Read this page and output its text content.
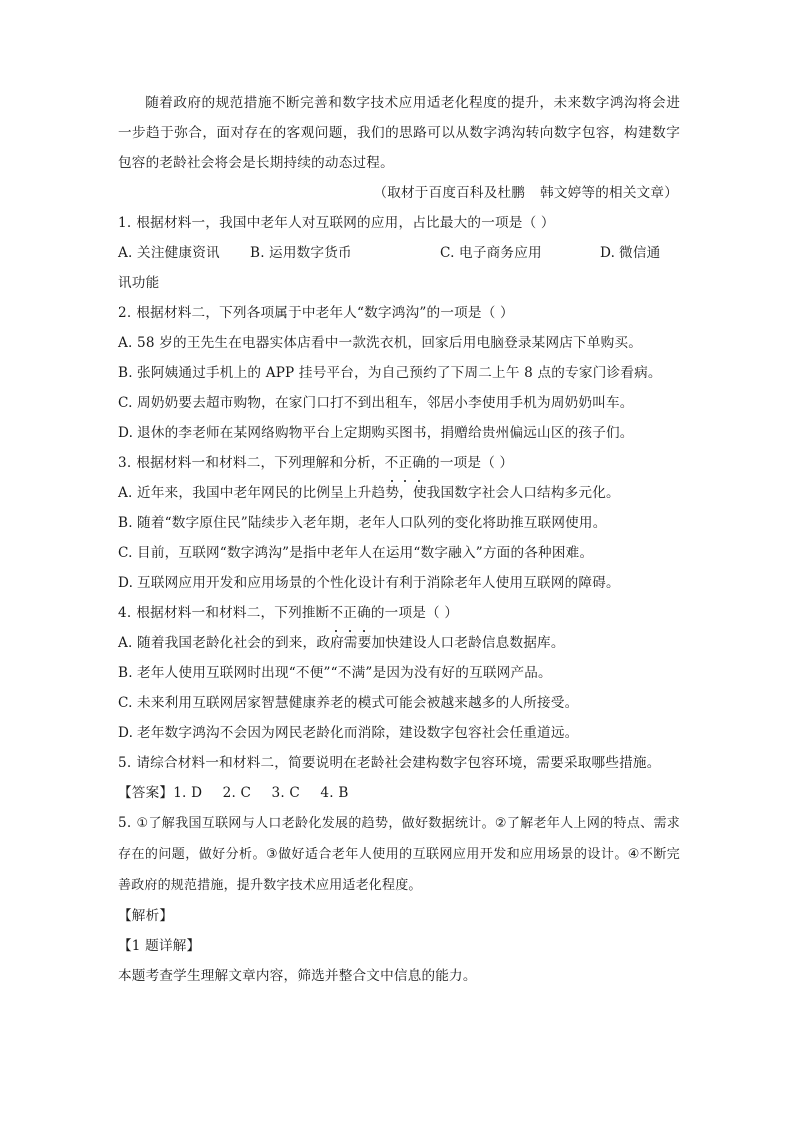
随着政府的规范措施不断完善和数字技术应用适老化程度的提升，未来数字鸿沟将会进一步趋于弥合，面对存在的客观问题，我们的思路可以从数字鸿沟转向数字包容，构建数字包容的老龄社会将会是长期持续的动态过程。

（取材于百度百科及杜鹏 韩文婷等的相关文章）

1. 根据材料一，我国中老年人对互联网的应用，占比最大的一项是（ ）

A. 关注健康资讯 B. 运用数字货币	C. 电子商务应用	D. 微信通

讯功能

2. 根据材料二，下列各项属于中老年人“数字鸿沟”的一项是（ ）

A. 58 岁的王先生在电器实体店看中一款洗衣机，回家后用电脑登录某网店下单购买。

B. 张阿姨通过手机上的 APP 挂号平台，为自己预约了下周二上午 8 点的专家门诊看病。

C. 周奶奶要去超市购物，在家门口打不到出租车，邻居小李使用手机为周奶奶叫车。

D. 退休的李老师在某网络购物平台上定期购买图书，捐赠给贵州偏远山区的孩子们。

3. 根据材料一和材料二，下列理解和分析，不正确的一项是（ ）

A. 近年来，我国中老年网民的比例呈上升趋势，使我国数字社会人口结构多元化。

B. 随着“数字原住民”陆续步入老年期，老年人口队列的变化将助推互联网使用。

C. 目前，互联网“数字鸿沟”是指中老年人在运用“数字融入”方面的各种困难。

D. 互联网应用开发和应用场景的个性化设计有利于消除老年人使用互联网的障碍。

4. 根据材料一和材料二，下列推断不正确的一项是（ ）

A. 随着我国老龄化社会的到来，政府需要加快建设人口老龄信息数据库。

B. 老年人使用互联网时出现“不便”“不满”是因为没有好的互联网产品。

C. 未来利用互联网居家智慧健康养老的模式可能会被越来越多的人所接受。

D. 老年数字鸿沟不会因为网民老龄化而消除，建设数字包容社会任重道远。

5. 请综合材料一和材料二，简要说明在老龄社会建构数字包容环境，需要采取哪些措施。

【答案】1. D 2. C 3. C 4. B

5. ①了解我国互联网与人口老龄化发展的趋势，做好数据统计。②了解老年人上网的特点、需求存在的问题，做好分析。③做好适合老年人使用的互联网应用开发和应用场景的设计。④不断完善政府的规范措施，提升数字技术应用适老化程度。

【解析】

【1 题详解】

本题考查学生理解文章内容，筛选并整合文中信息的能力。
